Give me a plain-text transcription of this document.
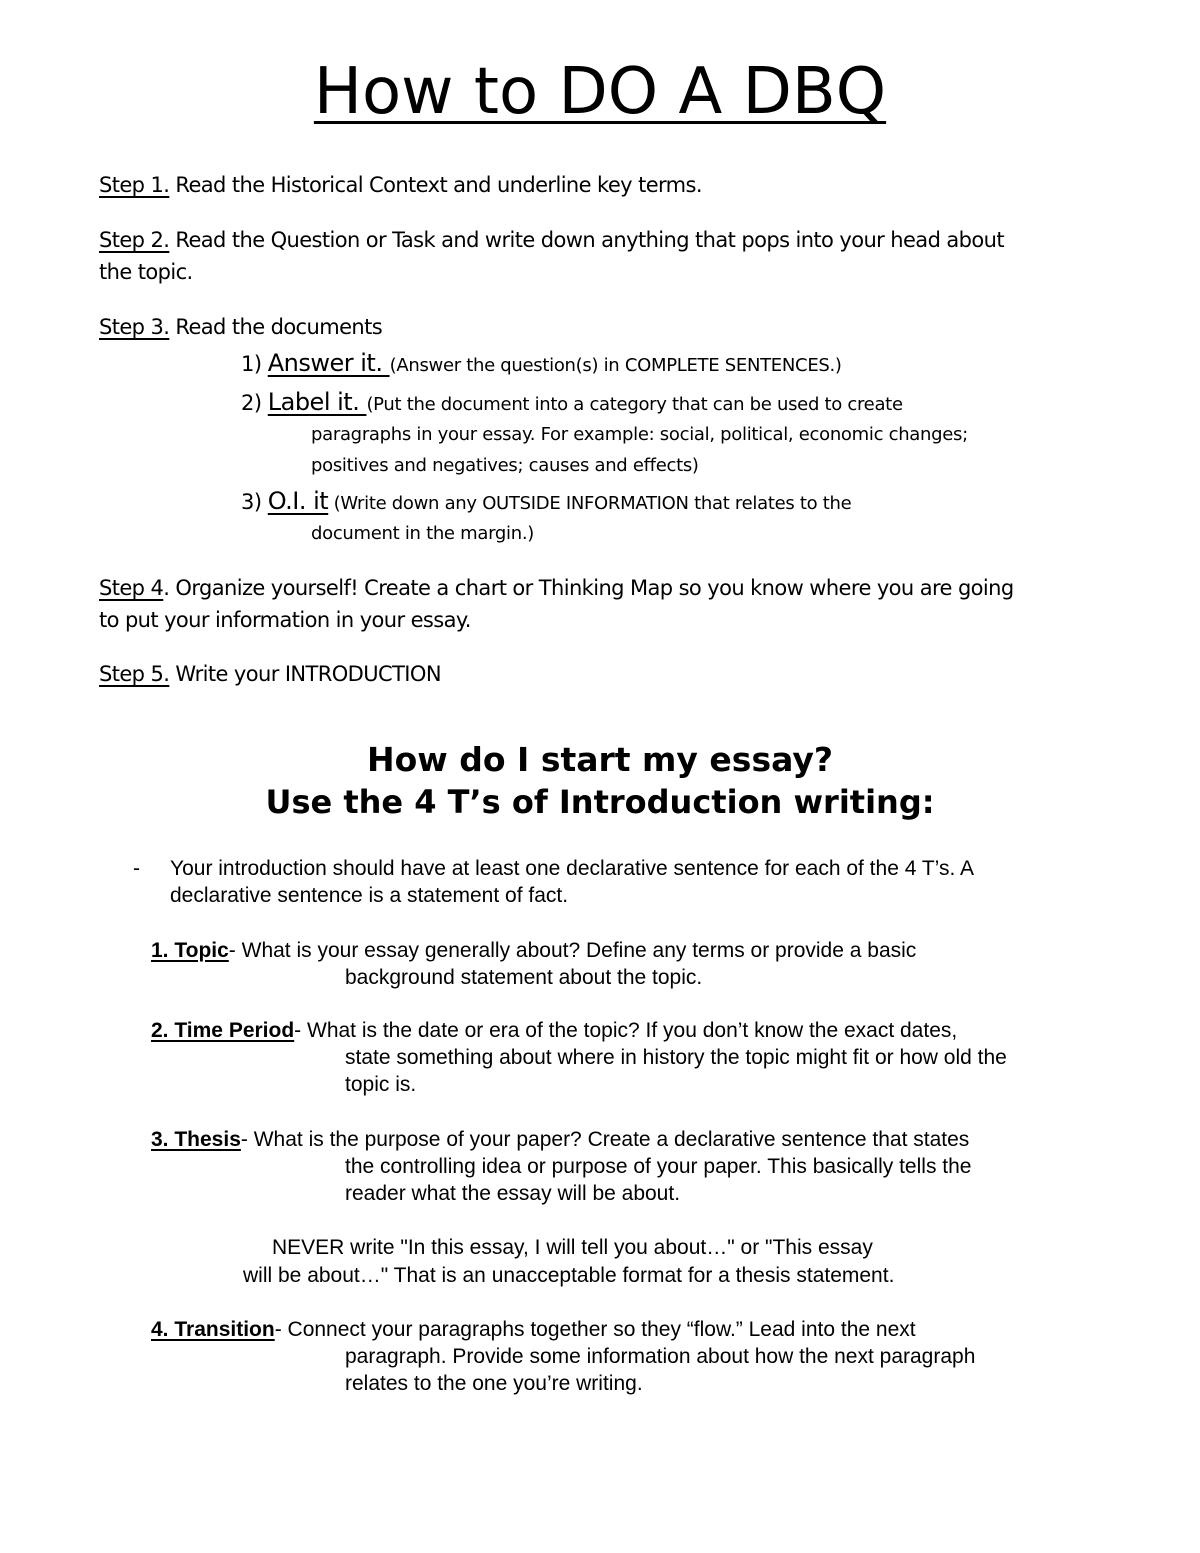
How to DO A DBQ
Step 1. Read the Historical Context and underline key terms.
Step 2. Read the Question or Task and write down anything that pops into your head about
the topic.
Step 3. Read the documents
1) Answer it. (Answer the question(s) in COMPLETE SENTENCES.)
2) Label it. (Put the document into a category that can be used to create
paragraphs in your essay. For example: social, political, economic changes;
positives and negatives; causes and effects)
3) O.I. it (Write down any OUTSIDE INFORMATION that relates to the
document in the margin.)
Step 4. Organize yourself! Create a chart or Thinking Map so you know where you are going
to put your information in your essay.
Step 5. Write your INTRODUCTION
How do I start my essay?
Use the 4 T’s of Introduction writing:
- Your introduction should have at least one declarative sentence for each of the 4 T’s. A
declarative sentence is a statement of fact.
1. Topic- What is your essay generally about? Define any terms or provide a basic
background statement about the topic.
2. Time Period- What is the date or era of the topic? If you don’t know the exact dates,
state something about where in history the topic might fit or how old the
topic is.
3. Thesis- What is the purpose of your paper? Create a declarative sentence that states
the controlling idea or purpose of your paper. This basically tells the
reader what the essay will be about.
NEVER write "In this essay, I will tell you about…" or "This essay
will be about…" That is an unacceptable format for a thesis statement.
4. Transition- Connect your paragraphs together so they “flow.” Lead into the next
paragraph. Provide some information about how the next paragraph
relates to the one you’re writing.
